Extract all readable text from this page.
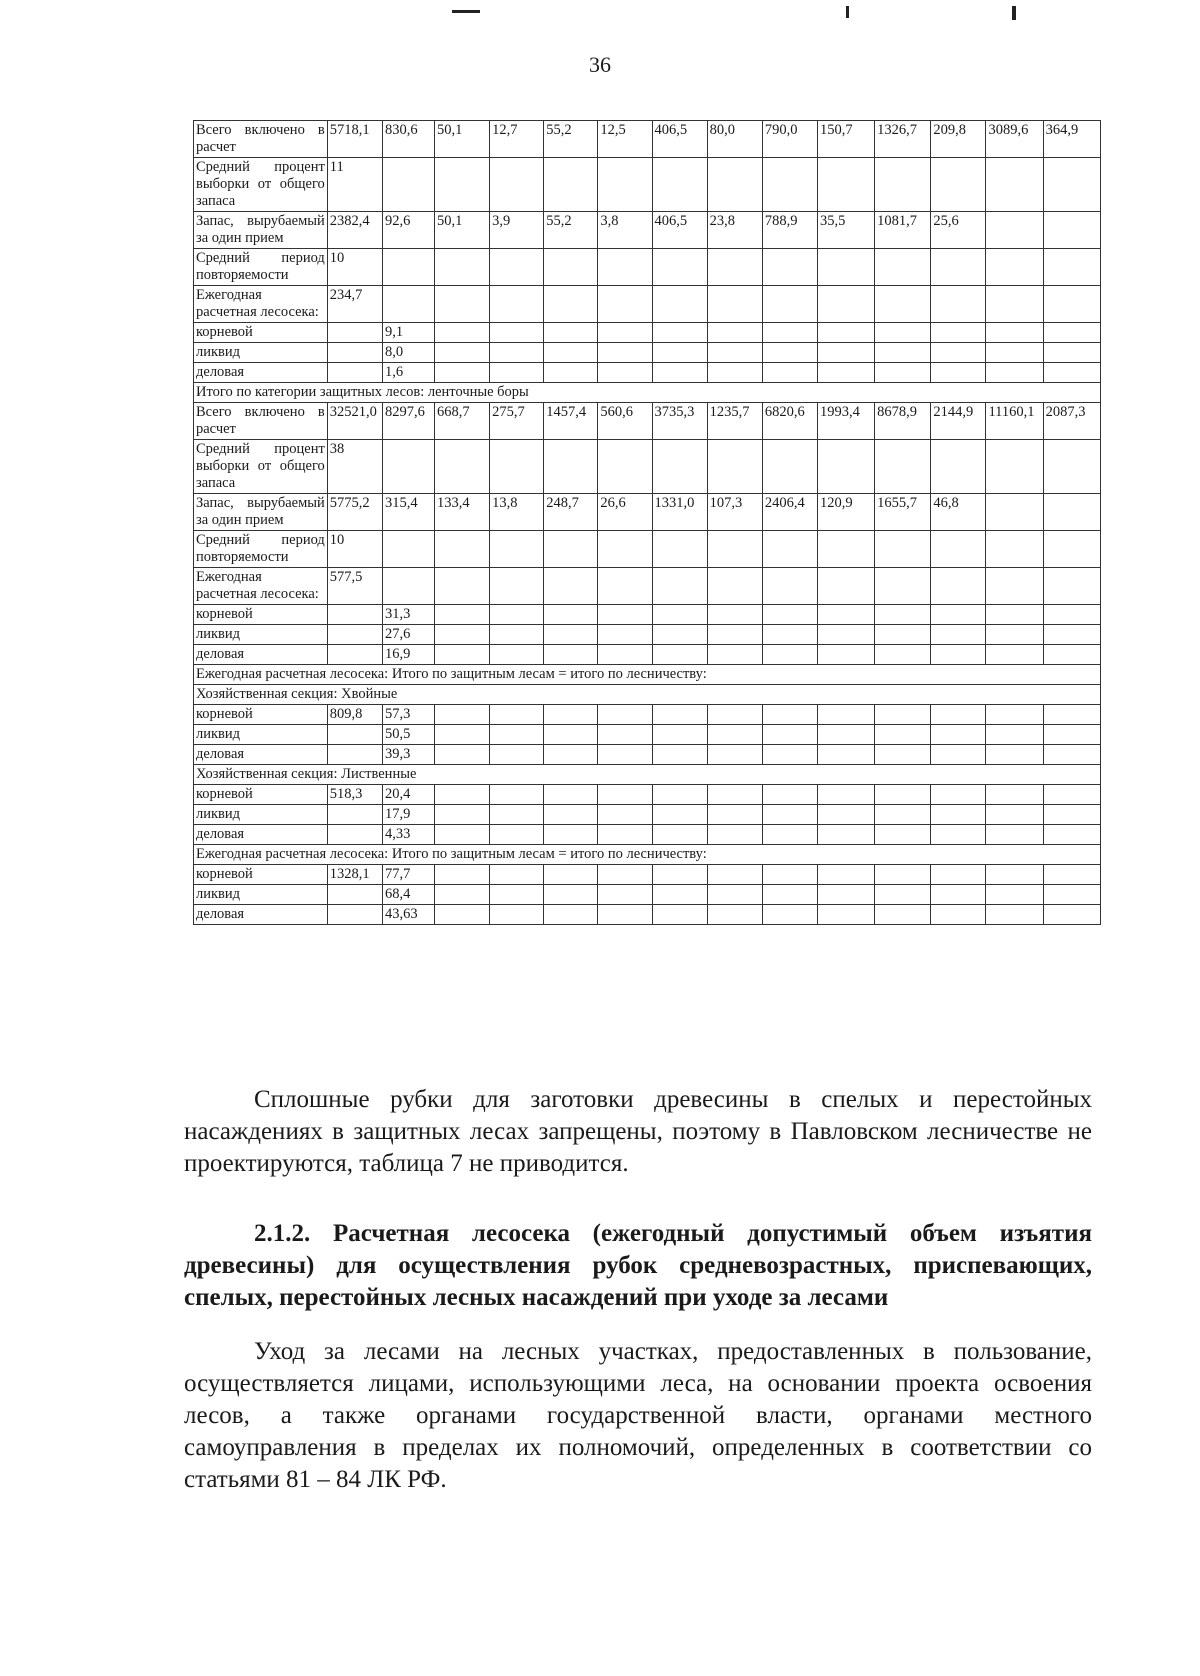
36
Всего включено в расчет	5718,1	830,6	50,1	12,7	55,2	12,5	406,5	80,0	790,0	150,7	1326,7	209,8	3089,6	364,9
Средний процент выборки от общего запаса	11													
Запас, вырубаемый за один прием	2382,4	92,6	50,1	3,9	55,2	3,8	406,5	23,8	788,9	35,5	1081,7	25,6		
Средний период повторяемости	10													
Ежегодная расчетная лесосека:	234,7													
корневой		9,1												
ликвид		8,0												
деловая		1,6												
Итого по категории защитных лесов: ленточные боры														
Всего включено в расчет	32521,0	8297,6	668,7	275,7	1457,4	560,6	3735,3	1235,7	6820,6	1993,4	8678,9	2144,9	11160,1	2087,3
Средний процент выборки от общего запаса	38													
Запас, вырубаемый за один прием	5775,2	315,4	133,4	13,8	248,7	26,6	1331,0	107,3	2406,4	120,9	1655,7	46,8		
Средний период повторяемости	10													
Ежегодная расчетная лесосека:	577,5													
корневой		31,3												
ликвид		27,6												
деловая		16,9												
Ежегодная расчетная лесосека: Итого по защитным лесам = итого по лесничеству:														
Хозяйственная секция: Хвойные														
корневой	809,8	57,3												
ликвид		50,5												
деловая		39,3												
Хозяйственная секция: Лиственные														
корневой	518,3	20,4												
ликвид		17,9												
деловая		4,33												
Ежегодная расчетная лесосека: Итого по защитным лесам = итого по лесничеству:														
корневой	1328,1	77,7												
ликвид		68,4												
деловая		43,63												

Сплошные рубки для заготовки древесины в спелых и перестойных насаждениях в защитных лесах запрещены, поэтому в Павловском лесничестве не проектируются, таблица 7 не приводится.

2.1.2. Расчетная лесосека (ежегодный допустимый объем изъятия древесины) для осуществления рубок средневозрастных, приспевающих, спелых, перестойных лесных насаждений при уходе за лесами

Уход за лесами на лесных участках, предоставленных в пользование, осуществляется лицами, использующими леса, на основании проекта освоения лесов, а также органами государственной власти, органами местного самоуправления в пределах их полномочий, определенных в соответствии со статьями 81 – 84 ЛК РФ.
